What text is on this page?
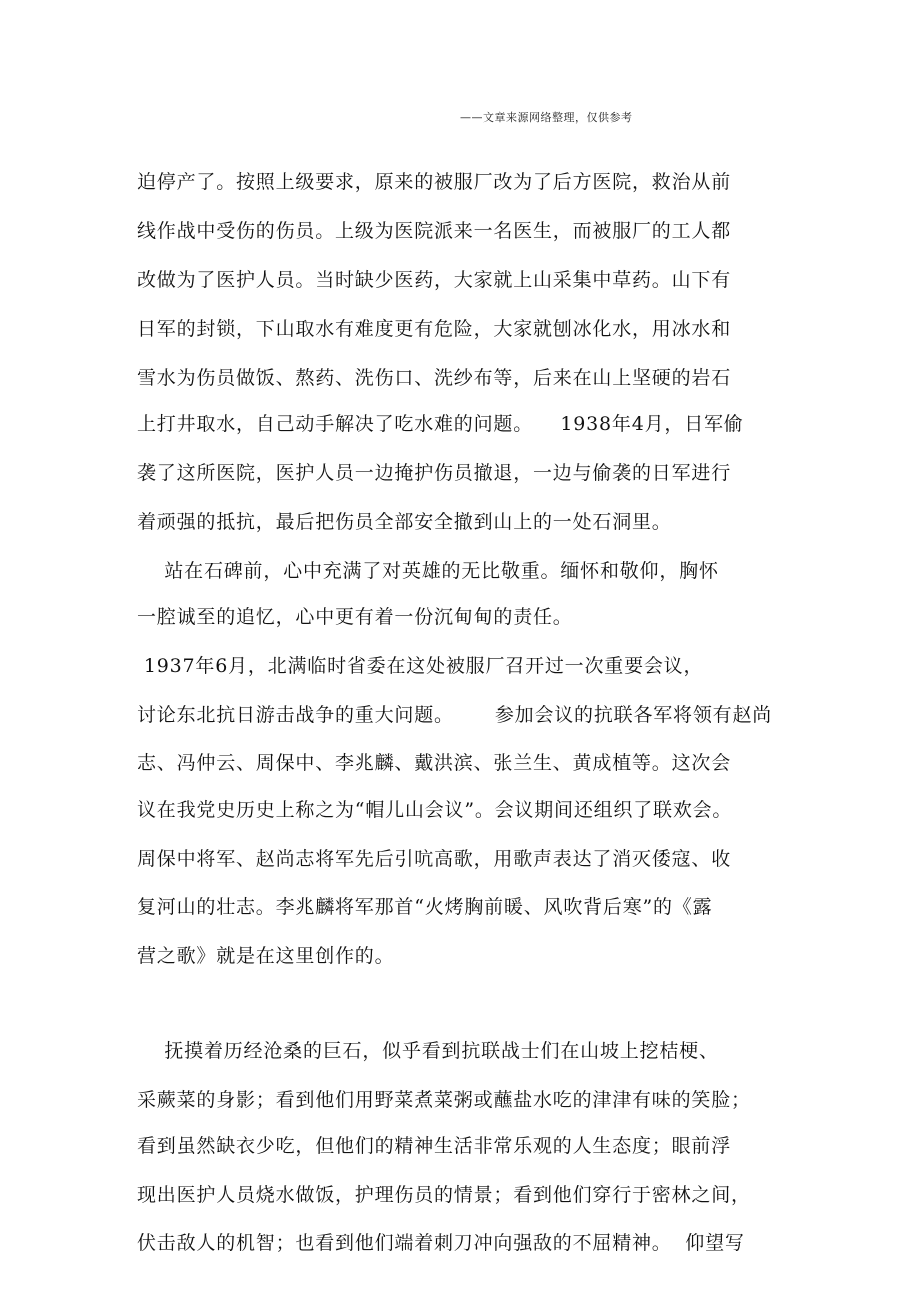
——文章来源网络整理，仅供参考
迫停产了。按照上级要求，原来的被服厂改为了后方医院，救治从前
线作战中受伤的伤员。上级为医院派来一名医生，而被服厂的工人都
改做为了医护人员。当时缺少医药，大家就上山采集中草药。山下有
日军的封锁，下山取水有难度更有危险，大家就刨冰化水，用冰水和
雪水为伤员做饭、熬药、洗伤口、洗纱布等，后来在山上坚硬的岩石
上打井取水，自己动手解决了吃水难的问题。    1938年4月，日军偷
袭了这所医院，医护人员一边掩护伤员撤退，一边与偷袭的日军进行
着顽强的抵抗，最后把伤员全部安全撤到山上的一处石洞里。
站在石碑前，心中充满了对英雄的无比敬重。缅怀和敬仰，胸怀
一腔诚至的追忆，心中更有着一份沉甸甸的责任。
1937年6月，北满临时省委在这处被服厂召开过一次重要会议，
讨论东北抗日游击战争的重大问题。      参加会议的抗联各军将领有赵尚
志、冯仲云、周保中、李兆麟、戴洪滨、张兰生、黄成植等。这次会
议在我党史历史上称之为“帽儿山会议”。会议期间还组织了联欢会。
周保中将军、赵尚志将军先后引吭高歌，用歌声表达了消灭倭寇、收
复河山的壮志。李兆麟将军那首“火烤胸前暖、风吹背后寒”的《露
营之歌》就是在这里创作的。
抚摸着历经沧桑的巨石，似乎看到抗联战士们在山坡上挖桔梗、
采蕨菜的身影；看到他们用野菜煮菜粥或蘸盐水吃的津津有味的笑脸；
看到虽然缺衣少吃，但他们的精神生活非常乐观的人生态度；眼前浮
现出医护人员烧水做饭，护理伤员的情景；看到他们穿行于密林之间，
伏击敌人的机智；也看到他们端着刺刀冲向强敌的不屈精神。  仰望写
